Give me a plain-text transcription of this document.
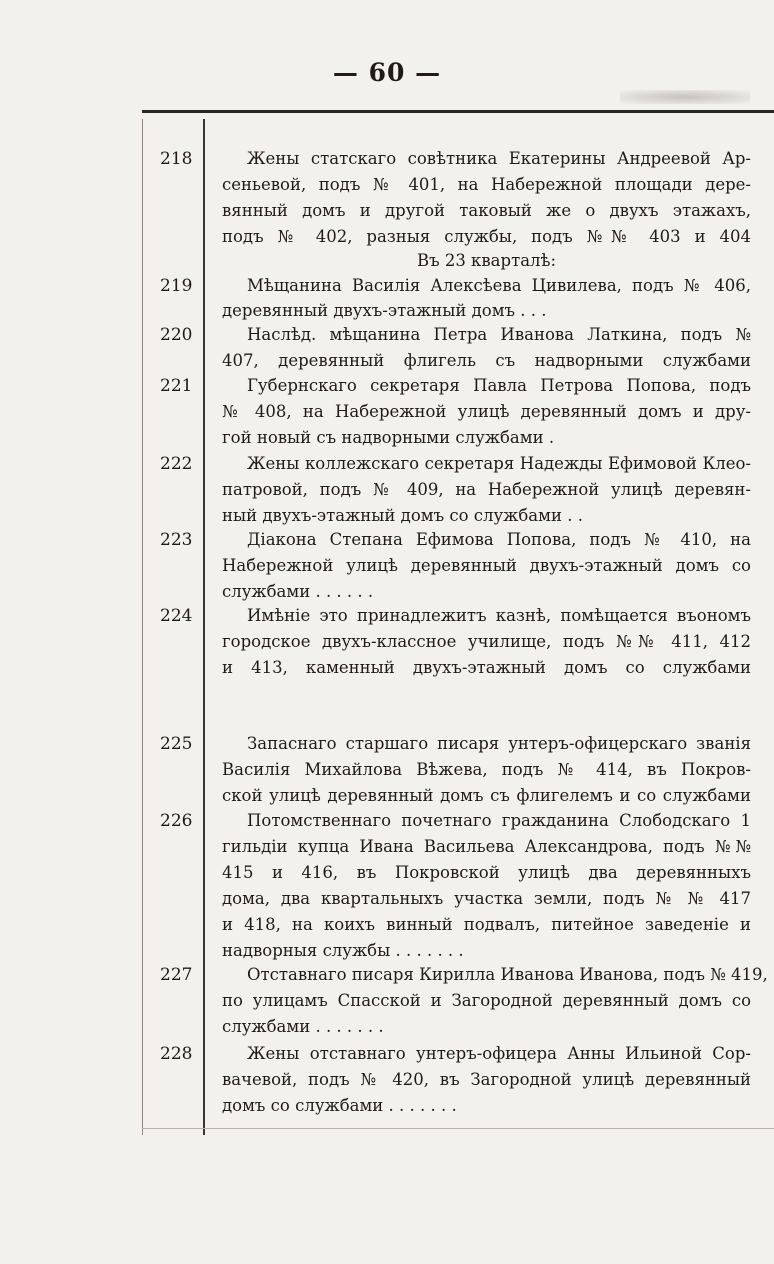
— 60 —
218	Жены статскаго совѣтника Екатерины Андреевой Ар-
сеньевой, подъ № 401, на Набережной площади дере-
вянный домъ и другой таковый же о двухъ этажахъ,
подъ № 402, разныя службы, подъ №№ 403 и 404
Въ 23 кварталѣ:
219	Мѣщанина Василія Алексѣева Цивилева, подъ № 406,
деревянный двухъ-этажный домъ . . .
220	Наслѣд. мѣщанина Петра Иванова Латкина, подъ №
407, деревянный флигель съ надворными службами
221	Губернскаго секретаря Павла Петрова Попова, подъ
№ 408, на Набережной улицѣ деревянный домъ и дру-
гой новый съ надворными службами .
222	Жены коллежскаго секретаря Надежды Ефимовой Клео-
патровой, подъ № 409, на Набережной улицѣ деревян-
ный двухъ-этажный домъ со службами . .
223	Діакона Степана Ефимова Попова, подъ № 410, на
Набережной улицѣ деревянный двухъ-этажный домъ со
службами . . . . . .
224	Имѣніе это принадлежитъ казнѣ, помѣщается въономъ
городское двухъ-классное училище, подъ №№ 411, 412
и 413, каменный двухъ-этажный домъ со службами
225	Запаснаго старшаго писаря унтеръ-офицерскаго званія
Василія Михайлова Вѣжева, подъ № 414, въ Покров-
ской улицѣ деревянный домъ съ флигелемъ и со службами
226	Потомственнаго почетнаго гражданина Слободскаго 1
гильдіи купца Ивана Васильева Александрова, подъ №№
415 и 416, въ Покровской улицѣ два деревянныхъ
дома, два квартальныхъ участка земли, подъ № № 417
и 418, на коихъ винный подвалъ, питейное заведеніе и
надворныя службы . . . . . . .
227	Отставнаго писаря Кирилла Иванова Иванова, подъ № 419,
по улицамъ Спасской и Загородной деревянный домъ со
службами . . . . . . .
228	Жены отставнаго унтеръ-офицера Анны Ильиной Сор-
вачевой, подъ № 420, въ Загородной улицѣ деревянный
домъ со службами . . . . . . .
